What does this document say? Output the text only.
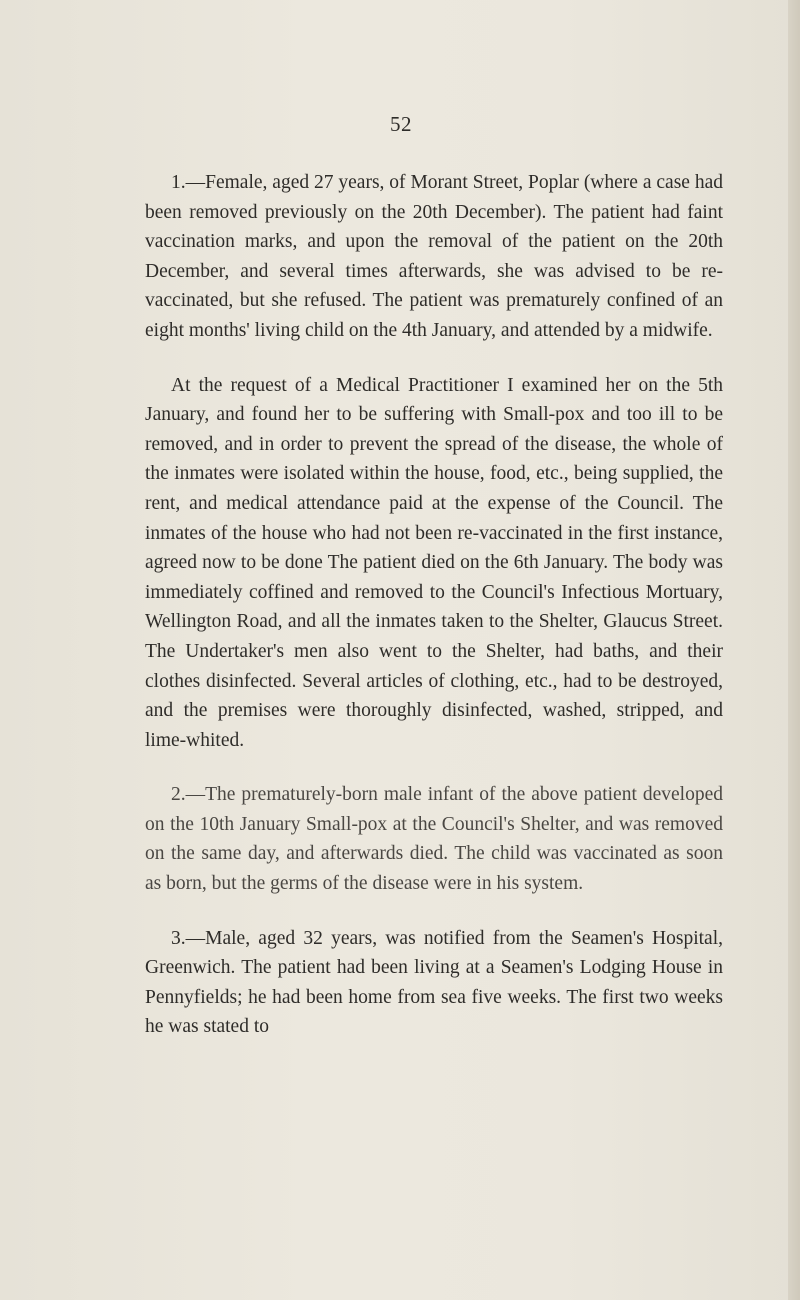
52

1.—Female, aged 27 years, of Morant Street, Poplar (where a case had been removed previously on the 20th December). The patient had faint vaccination marks, and upon the removal of the patient on the 20th December, and several times afterwards, she was advised to be re-vaccinated, but she refused. The patient was prematurely confined of an eight months' living child on the 4th January, and attended by a midwife.

At the request of a Medical Practitioner I examined her on the 5th January, and found her to be suffering with Small-pox and too ill to be removed, and in order to prevent the spread of the disease, the whole of the inmates were isolated within the house, food, etc., being supplied, the rent, and medical attendance paid at the expense of the Council. The inmates of the house who had not been re-vaccinated in the first instance, agreed now to be done The patient died on the 6th January. The body was immediately coffined and removed to the Council's Infectious Mortuary, Wellington Road, and all the inmates taken to the Shelter, Glaucus Street. The Undertaker's men also went to the Shelter, had baths, and their clothes disinfected. Several articles of clothing, etc., had to be destroyed, and the premises were thoroughly disinfected, washed, stripped, and lime-whited.

2.—The prematurely-born male infant of the above patient developed on the 10th January Small-pox at the Council's Shelter, and was removed on the same day, and afterwards died. The child was vaccinated as soon as born, but the germs of the disease were in his system.

3.—Male, aged 32 years, was notified from the Seamen's Hospital, Greenwich. The patient had been living at a Seamen's Lodging House in Pennyfields; he had been home from sea five weeks. The first two weeks he was stated to
